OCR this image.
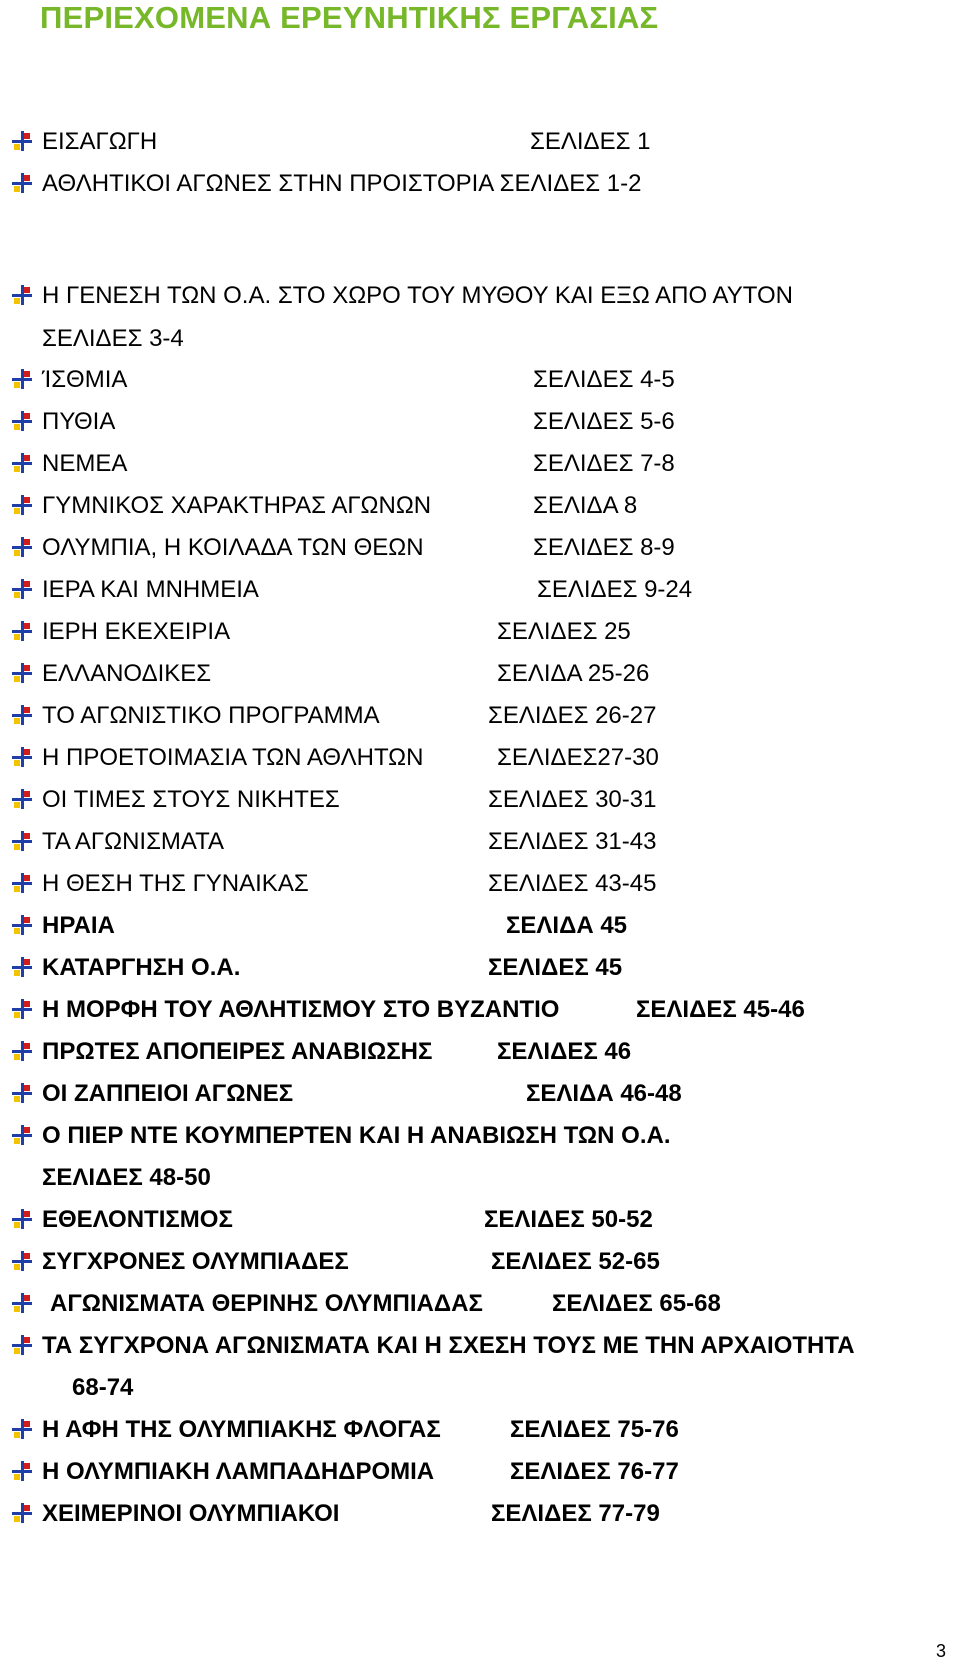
ΠΕΡΙΕΧΟΜΕΝΑ ΕΡΕΥΝΗΤΙΚΗΣ ΕΡΓΑΣΙΑΣ
ΕΙΣΑΓΩΓΗ	ΣΕΛΙΔΕΣ 1
ΑΘΛΗΤΙΚΟΙ ΑΓΩΝΕΣ ΣΤΗΝ ΠΡΟΙΣΤΟΡΙΑ ΣΕΛΙΔΕΣ 1-2
Η ΓΕΝΕΣΗ ΤΩΝ Ο.Α. ΣΤΟ ΧΩΡΟ ΤΟΥ ΜΥΘΟΥ ΚΑΙ ΕΞΩ ΑΠΟ ΑΥΤΟΝ
ΣΕΛΙΔΕΣ 3-4
ΊΣΘΜΙΑ	ΣΕΛΙΔΕΣ 4-5
ΠΥΘΙΑ	ΣΕΛΙΔΕΣ 5-6
ΝΕΜΕΑ	ΣΕΛΙΔΕΣ 7-8
ΓΥΜΝΙΚΟΣ ΧΑΡΑΚΤΗΡΑΣ ΑΓΩΝΩΝ	ΣΕΛΙΔΑ 8
ΟΛΥΜΠΙΑ, Η ΚΟΙΛΑΔΑ ΤΩΝ ΘΕΩΝ	ΣΕΛΙΔΕΣ 8-9
ΙΕΡΑ ΚΑΙ ΜΝΗΜΕΙΑ	ΣΕΛΙΔΕΣ 9-24
ΙΕΡΗ ΕΚΕΧΕΙΡΙΑ	ΣΕΛΙΔΕΣ 25
ΕΛΛΑΝΟΔΙΚΕΣ	ΣΕΛΙΔΑ 25-26
ΤΟ ΑΓΩΝΙΣΤΙΚΟ ΠΡΟΓΡΑΜΜΑ	ΣΕΛΙΔΕΣ 26-27
Η ΠΡΟΕΤΟΙΜΑΣΙΑ ΤΩΝ ΑΘΛΗΤΩΝ	ΣΕΛΙΔΕΣ27-30
ΟΙ ΤΙΜΕΣ ΣΤΟΥΣ ΝΙΚΗΤΕΣ	ΣΕΛΙΔΕΣ 30-31
ΤΑ ΑΓΩΝΙΣΜΑΤΑ	ΣΕΛΙΔΕΣ 31-43
Η ΘΕΣΗ ΤΗΣ ΓΥΝΑΙΚΑΣ	ΣΕΛΙΔΕΣ 43-45
ΗΡΑΙΑ	ΣΕΛΙΔΑ 45
ΚΑΤΑΡΓΗΣΗ Ο.Α.	ΣΕΛΙΔΕΣ 45
Η ΜΟΡΦΗ ΤΟΥ ΑΘΛΗΤΙΣΜΟΥ ΣΤΟ ΒΥΖΑΝΤΙΟ	ΣΕΛΙΔΕΣ 45-46
ΠΡΩΤΕΣ ΑΠΟΠΕΙΡΕΣ ΑΝΑΒΙΩΣΗΣ	ΣΕΛΙΔΕΣ 46
ΟΙ ΖΑΠΠΕΙΟΙ ΑΓΩΝΕΣ	ΣΕΛΙΔΑ 46-48
Ο ΠΙΕΡ ΝΤΕ ΚΟΥΜΠΕΡΤΕΝ ΚΑΙ Η ΑΝΑΒΙΩΣΗ ΤΩΝ Ο.Α.
ΣΕΛΙΔΕΣ 48-50
ΕΘΕΛΟΝΤΙΣΜΟΣ	ΣΕΛΙΔΕΣ 50-52
ΣΥΓΧΡΟΝΕΣ ΟΛΥΜΠΙΑΔΕΣ	ΣΕΛΙΔΕΣ 52-65
ΑΓΩΝΙΣΜΑΤΑ ΘΕΡΙΝΗΣ ΟΛΥΜΠΙΑΔΑΣ	ΣΕΛΙΔΕΣ 65-68
ΤΑ ΣΥΓΧΡΟΝΑ ΑΓΩΝΙΣΜΑΤΑ ΚΑΙ Η ΣΧΕΣΗ ΤΟΥΣ ΜΕ ΤΗΝ ΑΡΧΑΙΟΤΗΤΑ
68-74
Η ΑΦΗ ΤΗΣ ΟΛΥΜΠΙΑΚΗΣ ΦΛΟΓΑΣ	ΣΕΛΙΔΕΣ 75-76
Η ΟΛΥΜΠΙΑΚΗ ΛΑΜΠΑΔΗΔΡΟΜΙΑ	ΣΕΛΙΔΕΣ 76-77
ΧΕΙΜΕΡΙΝΟΙ ΟΛΥΜΠΙΑΚΟΙ	ΣΕΛΙΔΕΣ 77-79
3
